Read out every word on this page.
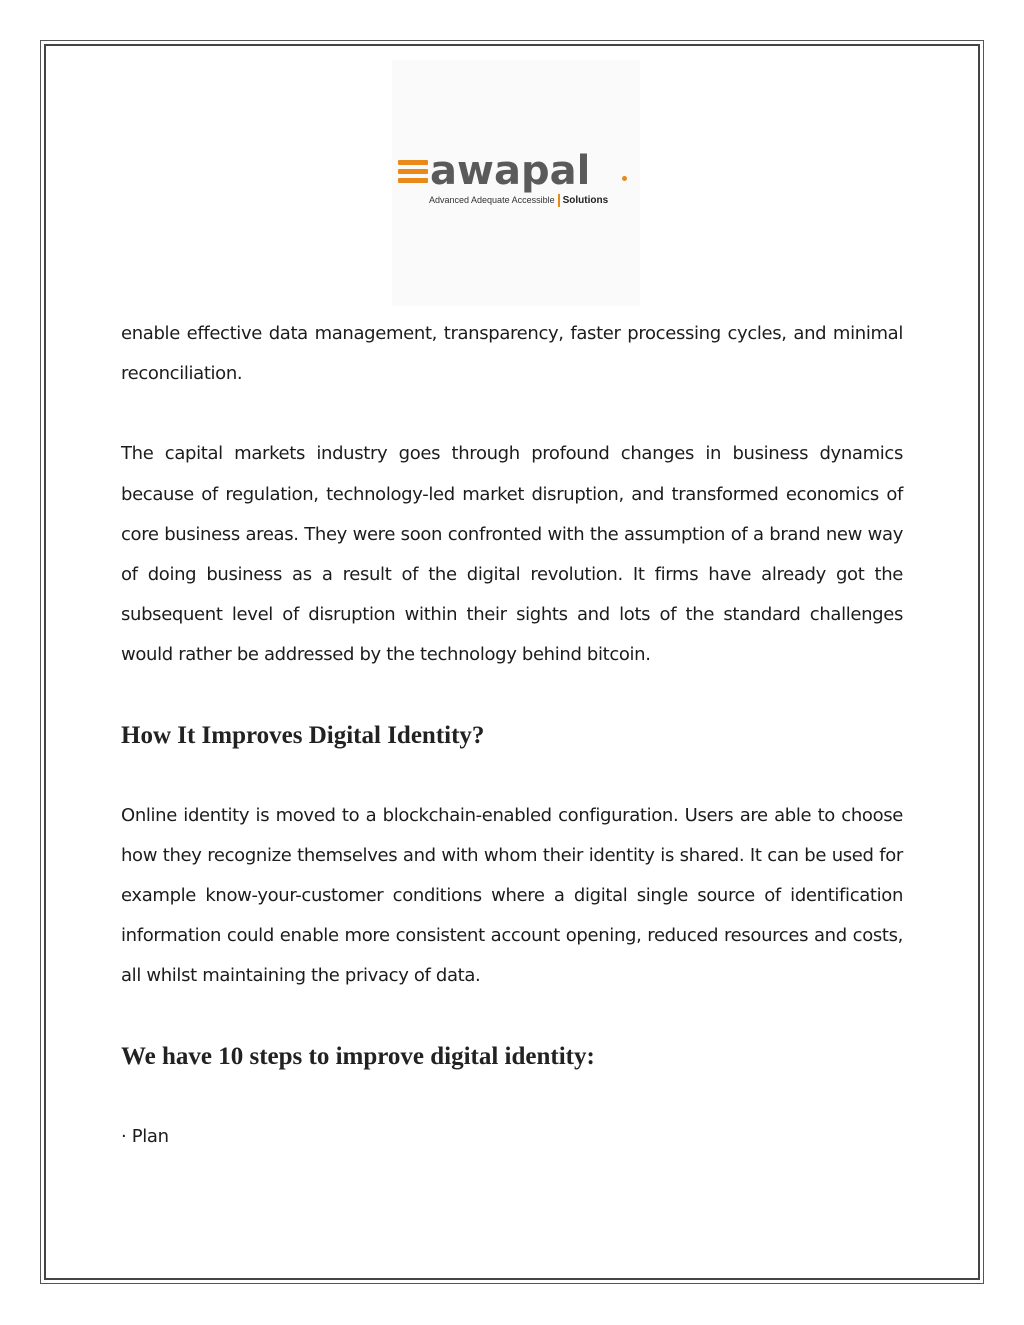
awapal
Advanced Adequate Accessible Solutions

enable effective data management, transparency, faster processing cycles, and minimal reconciliation.

The capital markets industry goes through profound changes in business dynamics because of regulation, technology-led market disruption, and transformed economics of core business areas. They were soon confronted with the assumption of a brand new way of doing business as a result of the digital revolution. It firms have already got the subsequent level of disruption within their sights and lots of the standard challenges would rather be addressed by the technology behind bitcoin.

How It Improves Digital Identity?

Online identity is moved to a blockchain-enabled configuration. Users are able to choose how they recognize themselves and with whom their identity is shared. It can be used for example know-your-customer conditions where a digital single source of identification information could enable more consistent account opening, reduced resources and costs, all whilst maintaining the privacy of data.

We have 10 steps to improve digital identity:

· Plan
